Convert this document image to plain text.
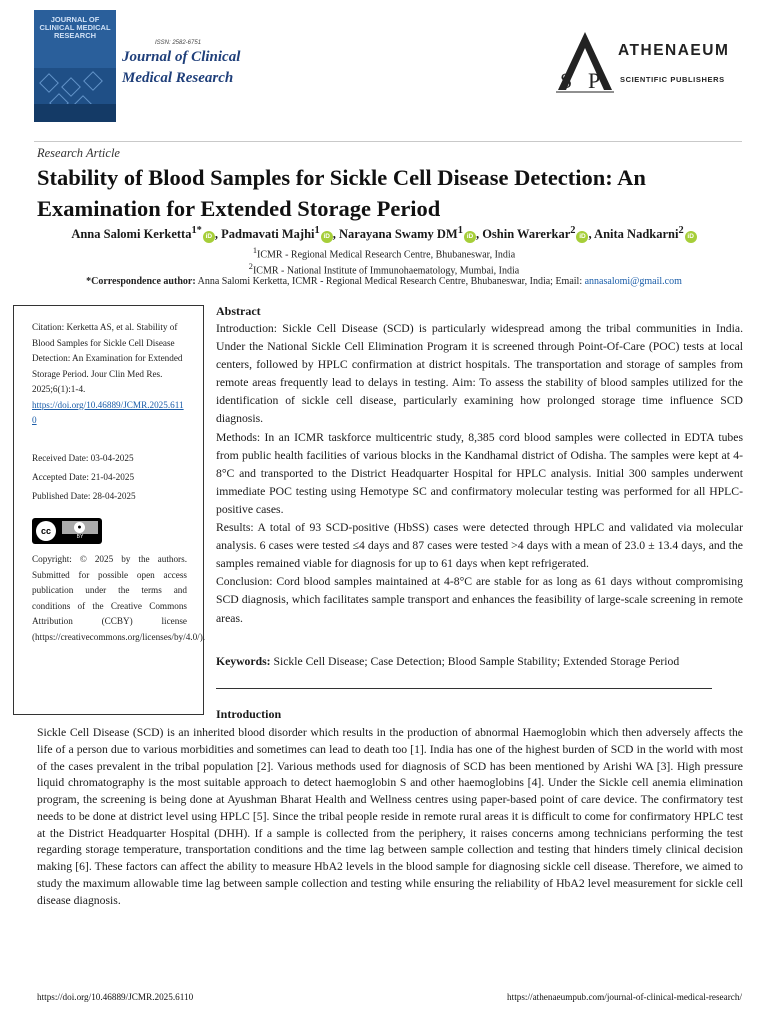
JOURNAL OF CLINICAL MEDICAL RESEARCH
ISSN: 2582-6751
Journal of Clinical
Medical Research	S P
ATHENAEUM
SCIENTIFIC PUBLISHERS
Research Article
Stability of Blood Samples for Sickle Cell Disease Detection: An Examination for Extended Storage Period
Anna Salomi Kerketta$^{1*}$iD , Padmavati Majhi$^1$iD , Narayana Swamy $DM^1iD$ , Oshin Warerkar$^2$iD , Anita Nadkarni$^2$iD
$^1$ICMR - Regional Medical Research Centre, Bhubaneswar, India
$^2$ICMR - National Institute of Immunohaematology, Mumbai, India
*Correspondence author: Anna Salomi Kerketta, ICMR - Regional Medical Research Centre, Bhubaneswar, India; Email: annasalomi@gmail.com
Citation: Kerketta AS, et al. Stability of Blood Samples for Sickle Cell Disease Detection: An Examination for Extended Storage Period. Jour Clin Med Res. 2025;6(1):1-4.
https://doi.org/10.46889/JCMR.2025.6110
Received Date: 03-04-2025
Accepted Date: 21-04-2025
Published Date: 28-04-2025
cc	●
BY
Copyright: © 2025 by the authors. Submitted for possible open access publication under the terms and conditions of the Creative Commons Attribution (CCBY) license (https://creativecommons.org/licenses/by/4.0/).
Abstract

Introduction: Sickle Cell Disease (SCD) is particularly widespread among the tribal communities in India. Under the National Sickle Cell Elimination Program it is screened through Point-Of-Care (POC) tests at local centers, followed by HPLC confirmation at district hospitals. The transportation and storage of samples from remote areas frequently lead to delays in testing. Aim: To assess the stability of blood samples utilized for the identification of sickle cell disease, particularly examining how prolonged storage time influence SCD diagnosis.

Methods: In an ICMR taskforce multicentric study, 8,385 cord blood samples were collected in EDTA tubes from public health facilities of various blocks in the Kandhamal district of Odisha. The samples were kept at 4-8°C and transported to the District Headquarter Hospital for HPLC analysis. Initial 300 samples underwent immediate POC testing using Hemotype SC and confirmatory molecular testing was performed for all HPLC-positive cases.

Results: A total of 93 SCD-positive (HbSS) cases were detected through HPLC and validated via molecular analysis. 6 cases were tested ≤4 days and 87 cases were tested >4 days with a mean of 23.0 ± 13.4 days, and the samples remained viable for diagnosis for up to 61 days when kept refrigerated.

Conclusion: Cord blood samples maintained at 4-8°C are stable for as long as 61 days without compromising SCD diagnosis, which facilitates sample transport and enhances the feasibility of large-scale screening in remote areas.

Keywords: Sickle Cell Disease; Case Detection; Blood Sample Stability; Extended Storage Period
Introduction
Sickle Cell Disease (SCD) is an inherited blood disorder which results in the production of abnormal Haemoglobin which then adversely affects the life of a person due to various morbidities and sometimes can lead to death too [1]. India has one of the highest burden of SCD in the world with most of the cases prevalent in the tribal population [2]. Various methods used for diagnosis of SCD has been mentioned by Arishi WA [3]. High pressure liquid chromatography is the most suitable approach to detect haemoglobin S and other haemoglobins [4]. Under the Sickle cell anemia elimination program, the screening is being done at Ayushman Bharat Health and Wellness centres using paper-based point of care device. The confirmatory test needs to be done at district level using HPLC [5]. Since the tribal people reside in remote rural areas it is difficult to come for confirmatory HPLC test at the District Headquarter Hospital (DHH). If a sample is collected from the periphery, it raises concerns among technicians performing the test regarding storage temperature, transportation conditions and the time lag between sample collection and testing that hinders timely clinical decision making [6]. These factors can affect the ability to measure HbA2 levels in the blood sample for diagnosing sickle cell disease. Therefore, we aimed to study the maximum allowable time lag between sample collection and testing while ensuring the reliability of HbA2 level measurement for sickle cell disease diagnosis.
https://doi.org/10.46889/JCMR.2025.6110	https://athenaeumpub.com/journal-of-clinical-medical-research/
